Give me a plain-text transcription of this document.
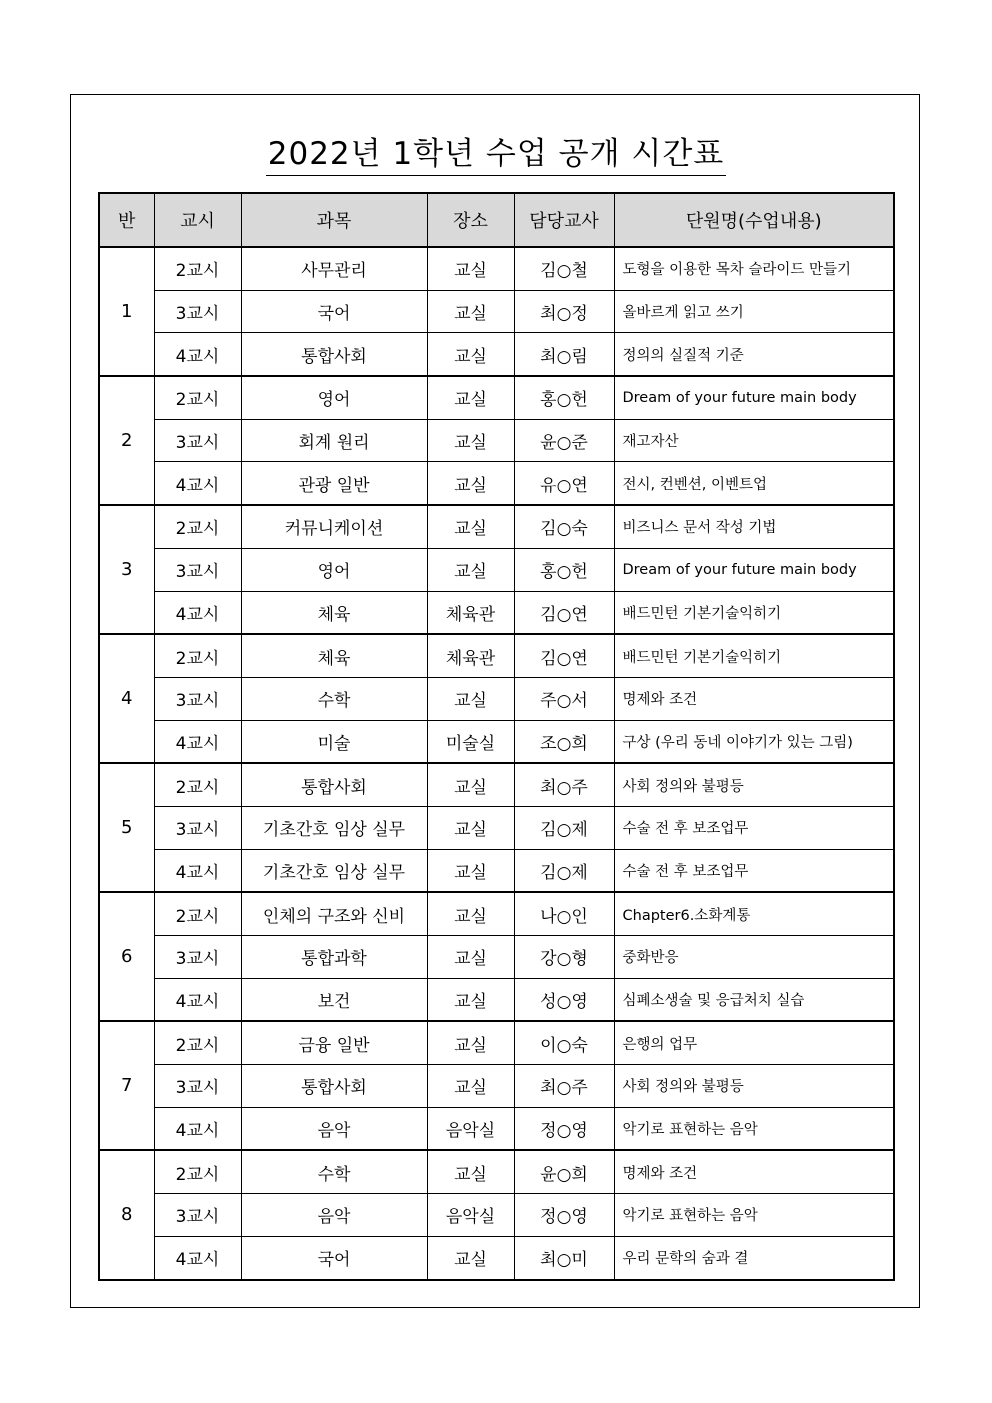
2022년 1학년 수업 공개 시간표
반	교시	과목	장소	담당교사	단원명(수업내용)
1	2교시	사무관리	교실	김○철	도형을 이용한 목차 슬라이드 만들기
	3교시	국어	교실	최○정	올바르게 읽고 쓰기
	4교시	통합사회	교실	최○림	정의의 실질적 기준
2	2교시	영어	교실	홍○헌	Dream of your future main body
	3교시	회계 원리	교실	윤○준	재고자산
	4교시	관광 일반	교실	유○연	전시, 컨벤션, 이벤트업
3	2교시	커뮤니케이션	교실	김○숙	비즈니스 문서 작성 기법
	3교시	영어	교실	홍○헌	Dream of your future main body
	4교시	체육	체육관	김○연	배드민턴 기본기술익히기
4	2교시	체육	체육관	김○연	배드민턴 기본기술익히기
	3교시	수학	교실	주○서	명제와 조건
	4교시	미술	미술실	조○희	구상 (우리 동네 이야기가 있는 그림)
5	2교시	통합사회	교실	최○주	사회 정의와 불평등
	3교시	기초간호 임상 실무	교실	김○제	수술 전 후 보조업무
	4교시	기초간호 임상 실무	교실	김○제	수술 전 후 보조업무
6	2교시	인체의 구조와 신비	교실	나○인	Chapter6.소화계통
	3교시	통합과학	교실	강○형	중화반응
	4교시	보건	교실	성○영	심폐소생술 및 응급처치 실습
7	2교시	금융 일반	교실	이○숙	은행의 업무
	3교시	통합사회	교실	최○주	사회 정의와 불평등
	4교시	음악	음악실	정○영	악기로 표현하는 음악
8	2교시	수학	교실	윤○희	명제와 조건
	3교시	음악	음악실	정○영	악기로 표현하는 음악
	4교시	국어	교실	최○미	우리 문학의 숨과 결
